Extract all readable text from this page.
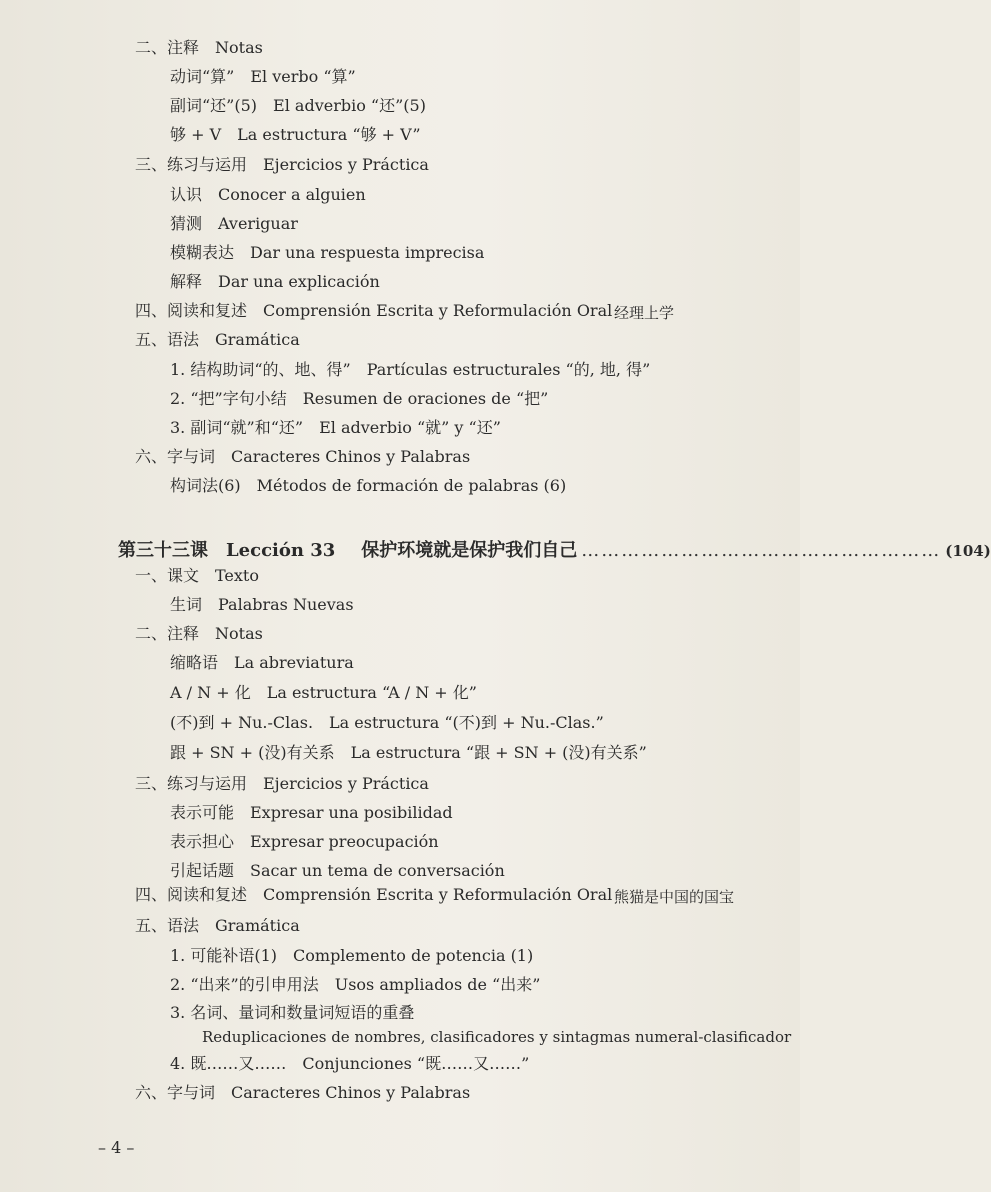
二、注释　Notas
动词“算”　El verbo “算”
副词“还”(5)　El adverbio “还”(5)
够 + V　La estructura “够 + V”
三、练习与运用　Ejercicios y Práctica
认识　Conocer a alguien
猜测　Averiguar
模糊表达　Dar una respuesta imprecisa
解释　Dar una explicación
四、阅读和复述　Comprensión Escrita y Reformulación Oral 经理上学
五、语法　Gramática
1. 结构助词“的、地、得”　Partículas estructurales “的, 地, 得”
2. “把”字句小结　Resumen de oraciones de “把”
3. 副词“就”和“还”　El adverbio “就” y “还”
六、字与词　Caracteres Chinos y Palabras
构词法(6)　Métodos de formación de palabras (6)
第三十三课 Lección 33 保护环境就是保护我们自己 ……………………………………………… (104)
一、课文　Texto
生词　Palabras Nuevas
二、注释　Notas
缩略语　La abreviatura
A / N + 化　La estructura “A / N + 化”
(不)到 + Nu.-Clas.　La estructura “(不)到 + Nu.-Clas.”
跟 + SN + (没)有关系　La estructura “跟 + SN + (没)有关系”
三、练习与运用　Ejercicios y Práctica
表示可能　Expresar una posibilidad
表示担心　Expresar preocupación
引起话题　Sacar un tema de conversación
四、阅读和复述　Comprensión Escrita y Reformulación Oral 熊猫是中国的国宝
五、语法　Gramática
1. 可能补语(1)　Complemento de potencia (1)
2. “出来”的引申用法　Usos ampliados de “出来”
3. 名词、量词和数量词短语的重叠
Reduplicaciones de nombres, clasificadores y sintagmas numeral-clasificador
4. 既……又……　Conjunciones “既……又……”
六、字与词　Caracteres Chinos y Palabras
– 4 –
